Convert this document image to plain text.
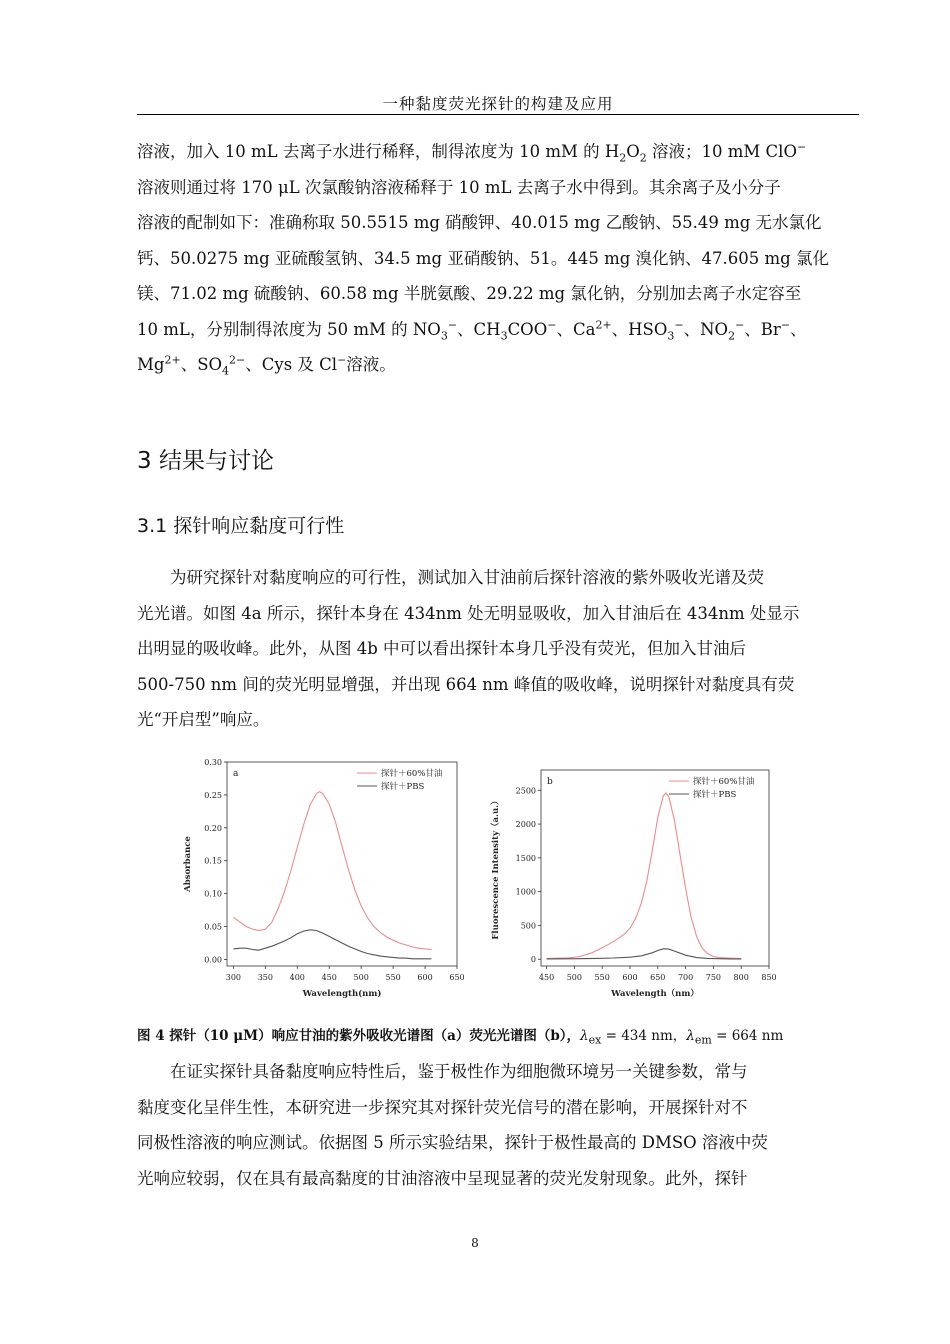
一种黏度荧光探针的构建及应用
溶液，加入 10 mL 去离子水进行稀释，制得浓度为 10 mM 的 $H_2O_2$ 溶液；10 mM ClO−
溶液则通过将 170 μL 次氯酸钠溶液稀释于 10 mL 去离子水中得到。其余离子及小分子
溶液的配制如下：准确称取 50.5515 mg 硝酸钾、40.015 mg 乙酸钠、55.49 mg 无水氯化
钙、50.0275 mg 亚硫酸氢钠、34.5 mg 亚硝酸钠、51。445 mg 溴化钠、47.605 mg 氯化
镁、71.02 mg 硫酸钠、60.58 mg 半胱氨酸、29.22 mg 氯化钠，分别加去离子水定容至
10 mL，分别制得浓度为 50 mM 的 $NO_3^-$、$CH_3COO^-$、$Ca^{2+}$、$HSO_3^-$、$NO_2^-$、Br−、
$Mg^{2+}$、$SO_4^{2-}$、Cys 及 Cl−溶液。
3 结果与讨论
3.1 探针响应黏度可行性
为研究探针对黏度响应的可行性，测试加入甘油前后探针溶液的紫外吸收光谱及荧
光光谱。如图 4a 所示，探针本身在 434nm 处无明显吸收，加入甘油后在 434nm 处显示
出明显的吸收峰。此外，从图 4b 中可以看出探针本身几乎没有荧光，但加入甘油后
500-750 nm 间的荧光明显增强，并出现 664 nm 峰值的吸收峰，说明探针对黏度具有荧
光“开启型”响应。
300 350 400 450 500 550 600 650
0.00
0.05
0.10
0.15
0.20
0.25
0.30
Wavelength(nm)
Absorbance
a	探针＋60%甘油
探针＋PBS
450 500 550 600 650 700 750 800 850
0
500
1000
1500
2000
2500
Wavelength（nm）
Fluorescence Intensity（a.u.）
b	探针＋60%甘油
探针＋PBS
图 4 探针（10 μM）响应甘油的紫外吸收光谱图（a）荧光光谱图（b），$\lambda_{ex} = 434$ nm，$\lambda_{em} = 664$ nm
在证实探针具备黏度响应特性后，鉴于极性作为细胞微环境另一关键参数，常与
黏度变化呈伴生性，本研究进一步探究其对探针荧光信号的潜在影响，开展探针对不
同极性溶液的响应测试。依据图 5 所示实验结果，探针于极性最高的 DMSO 溶液中荧
光响应较弱，仅在具有最高黏度的甘油溶液中呈现显著的荧光发射现象。此外，探针
8
